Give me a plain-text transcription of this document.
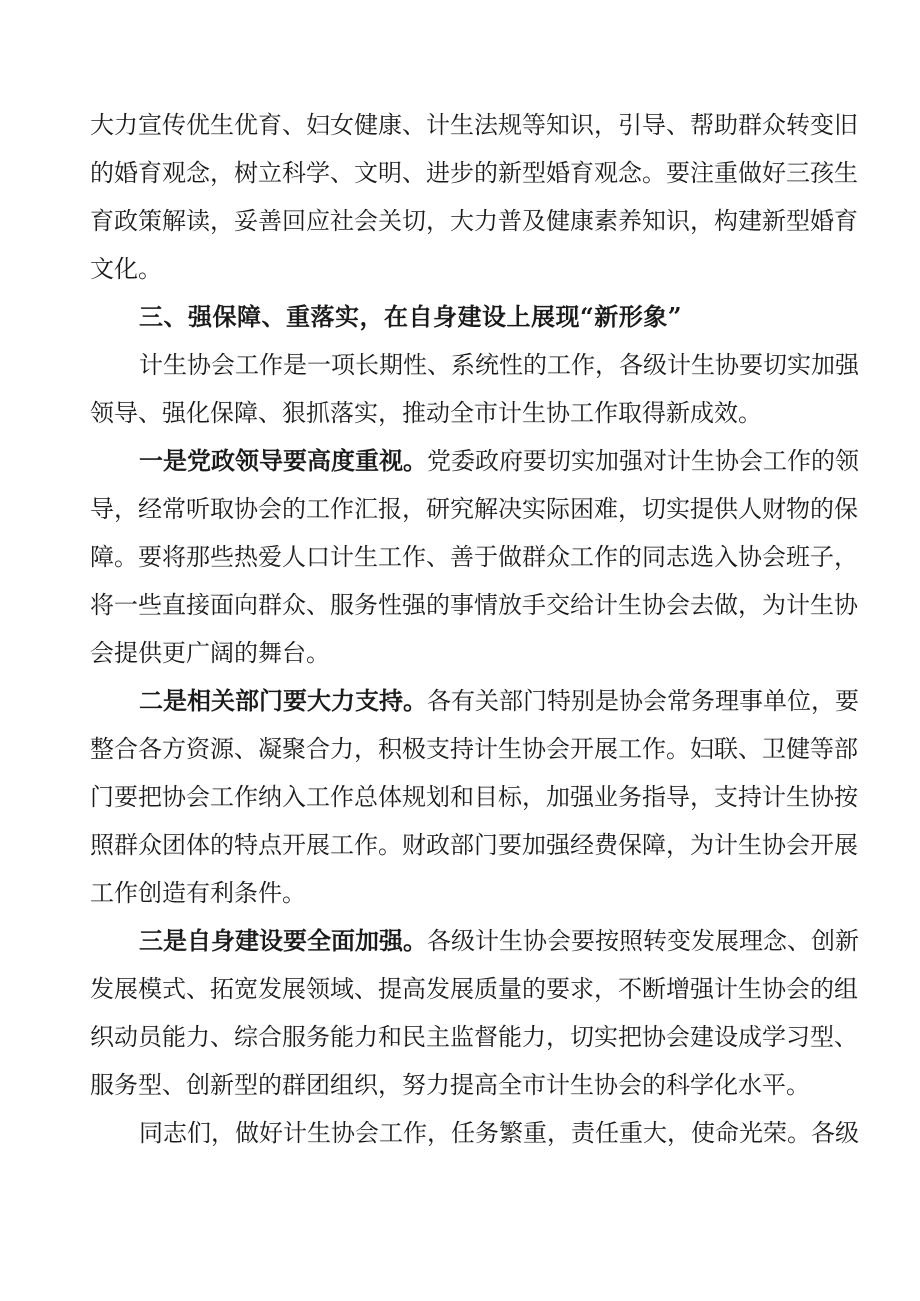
大力宣传优生优育、妇女健康、计生法规等知识，引导、帮助群众转变旧
的婚育观念，树立科学、文明、进步的新型婚育观念。要注重做好三孩生
育政策解读，妥善回应社会关切，大力普及健康素养知识，构建新型婚育
文化。
三、强保障、重落实，在自身建设上展现“新形象”
计生协会工作是一项长期性、系统性的工作，各级计生协要切实加强
领导、强化保障、狠抓落实，推动全市计生协工作取得新成效。
一是党政领导要高度重视。党委政府要切实加强对计生协会工作的领
导，经常听取协会的工作汇报，研究解决实际困难，切实提供人财物的保
障。要将那些热爱人口计生工作、善于做群众工作的同志选入协会班子，
将一些直接面向群众、服务性强的事情放手交给计生协会去做，为计生协
会提供更广阔的舞台。
二是相关部门要大力支持。各有关部门特别是协会常务理事单位，要
整合各方资源、凝聚合力，积极支持计生协会开展工作。妇联、卫健等部
门要把协会工作纳入工作总体规划和目标，加强业务指导，支持计生协按
照群众团体的特点开展工作。财政部门要加强经费保障，为计生协会开展
工作创造有利条件。
三是自身建设要全面加强。各级计生协会要按照转变发展理念、创新
发展模式、拓宽发展领域、提高发展质量的要求，不断增强计生协会的组
织动员能力、综合服务能力和民主监督能力，切实把协会建设成学习型、
服务型、创新型的群团组织，努力提高全市计生协会的科学化水平。
同志们，做好计生协会工作，任务繁重，责任重大，使命光荣。各级
